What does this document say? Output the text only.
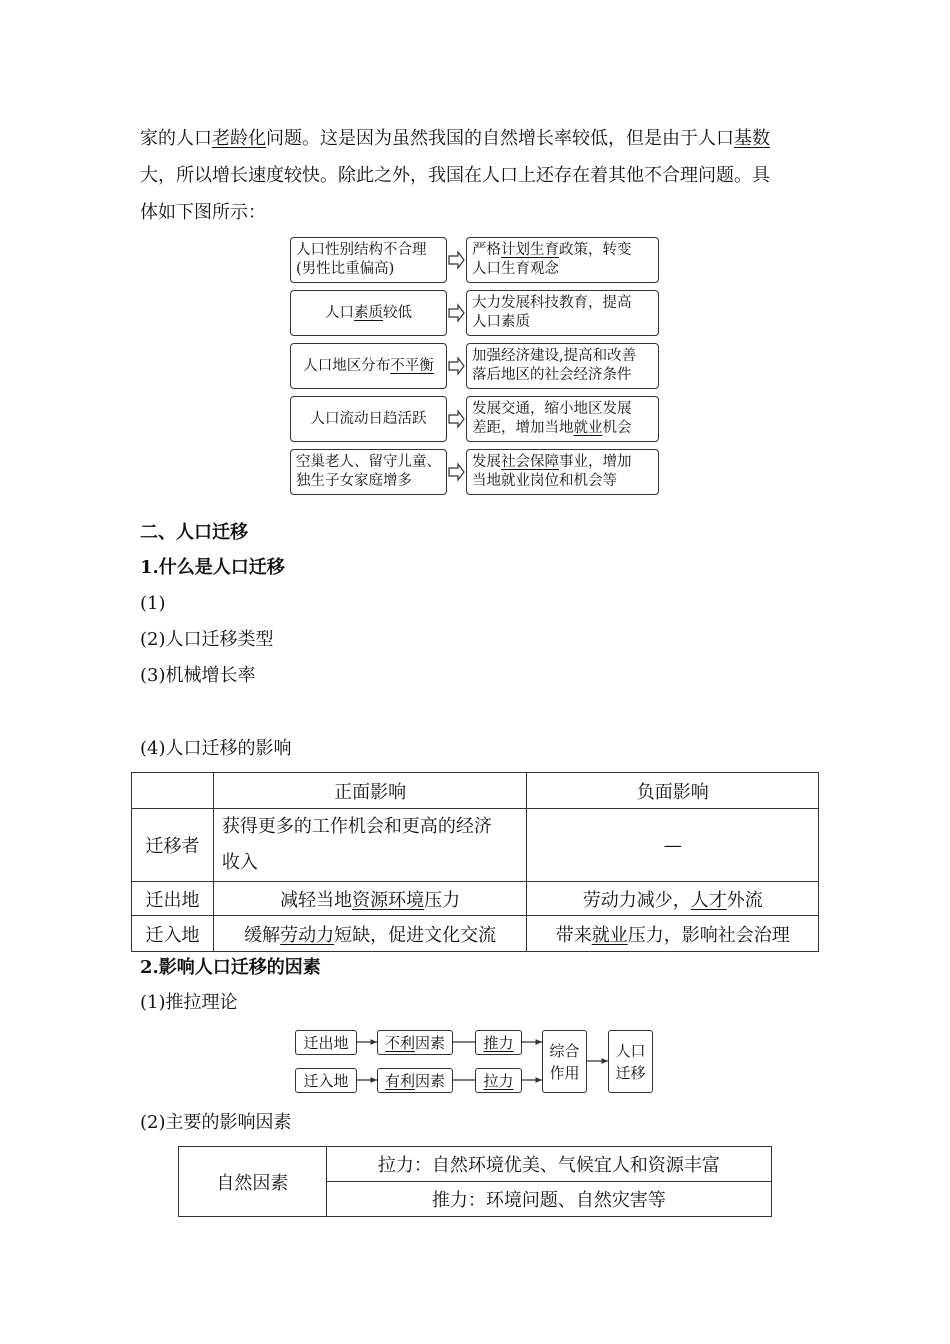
家的人口老龄化问题。这是因为虽然我国的自然增长率较低，但是由于人口基数

大，所以增长速度较快。除此之外，我国在人口上还存在着其他不合理问题。具

体如下图所示：

人口性别结构不合理
(男性比重偏高)
严格计划生育政策，转变
人口生育观念
人口素质较低
大力发展科技教育，提高
人口素质
人口地区分布不平衡
加强经济建设,提高和改善
落后地区的社会经济条件
人口流动日趋活跃
发展交通，缩小地区发展
差距，增加当地就业机会
空巢老人、留守儿童、
独生子女家庭增多
发展社会保障事业，增加
当地就业岗位和机会等

二、人口迁移

1.什么是人口迁移

(1)

(2)人口迁移类型

(3)机械增长率

(4)人口迁移的影响

	正面影响	负面影响
迁移者	获得更多的工作机会和更高的经济
收入	—
迁出地	减轻当地资源环境压力	劳动力减少，人才外流
迁入地	缓解劳动力短缺，促进文化交流	带来就业压力，影响社会治理

2.影响人口迁移的因素

(1)推拉理论

迁出地
迁入地
不利 因素
有利 因素
推力
拉力
综合
作用
人口
迁移

(2)主要的影响因素

自然因素	拉力：自然环境优美、气候宜人和资源丰富
推力：环境问题、自然灾害等
